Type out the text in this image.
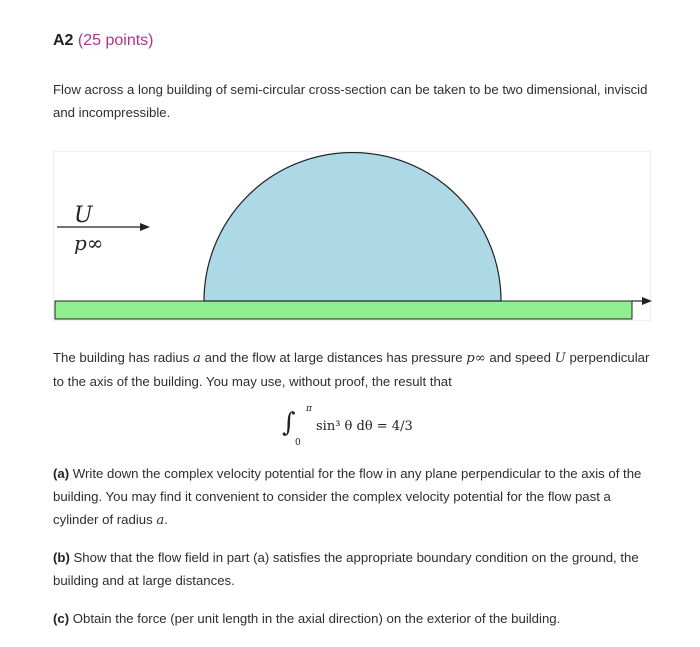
A2 (25 points)
Flow across a long building of semi-circular cross-section can be taken to be two dimensional, inviscid and incompressible.
U
p∞
The building has radius a and the flow at large distances has pressure p∞ and speed U perpendicular to the axis of the building. You may use, without proof, the result that
∫ π
0
sin³ θ dθ = 4/3
(a) Write down the complex velocity potential for the flow in any plane perpendicular to the axis of the building. You may find it convenient to consider the complex velocity potential for the flow past a cylinder of radius a.
(b) Show that the flow field in part (a) satisfies the appropriate boundary condition on the ground, the building and at large distances.
(c) Obtain the force (per unit length in the axial direction) on the exterior of the building.
